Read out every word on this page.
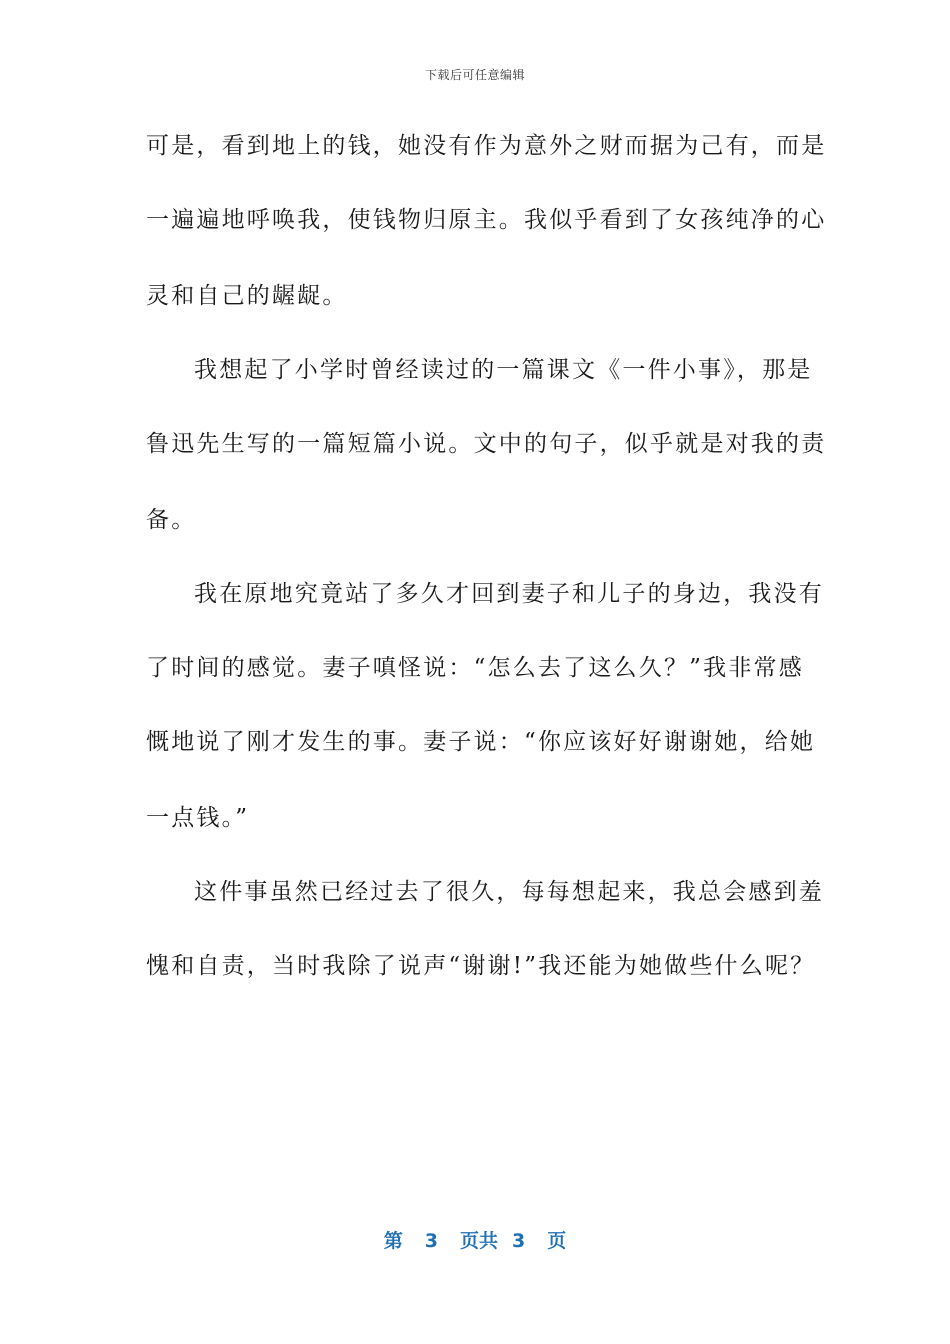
下载后可任意编辑
可是，看到地上的钱，她没有作为意外之财而据为己有，而是
一遍遍地呼唤我，使钱物归原主。我似乎看到了女孩纯净的心
灵和自己的龌龊。
我想起了小学时曾经读过的一篇课文《一件小事》，那是
鲁迅先生写的一篇短篇小说。文中的句子，似乎就是对我的责
备。
我在原地究竟站了多久才回到妻子和儿子的身边，我没有
了时间的感觉。妻子嗔怪说：“怎么去了这么久？”我非常感
慨地说了刚才发生的事。妻子说：“你应该好好谢谢她，给她
一点钱。”
这件事虽然已经过去了很久，每每想起来，我总会感到羞
愧和自责，当时我除了说声“谢谢!”我还能为她做些什么呢？
第 3 页共 3 页
